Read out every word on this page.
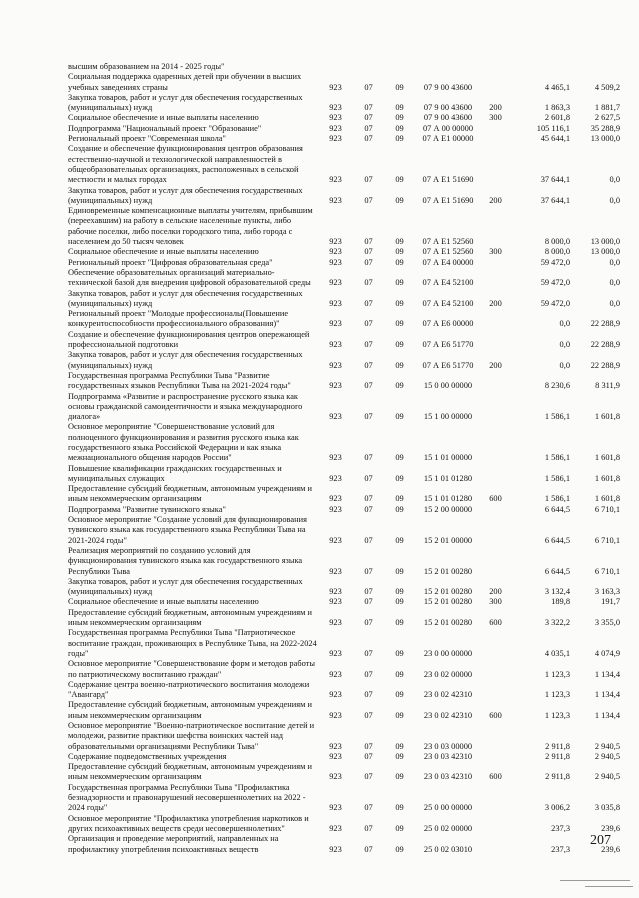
высшим образованием на 2014 - 2025 годы"							
Социальная поддержка одаренных детей при обучении в высших учебных заведениях страны	923	07	09	07 9 00 43600		4 465,1	4 509,2
Закупка товаров, работ и услуг для обеспечения государственных (муниципальных) нужд	923	07	09	07 9 00 43600	200	1 863,3	1 881,7
Социальное обеспечение и иные выплаты населению	923	07	09	07 9 00 43600	300	2 601,8	2 627,5
Подпрограмма "Национальный проект "Образование"	923	07	09	07 А 00 00000		105 116,1	35 288,9
Региональный проект "Современная школа"	923	07	09	07 А Е1 00000		45 644,1	13 000,0
Создание и обеспечение функционирования центров образования естественно-научной и технологической направленностей в общеобразовательных организациях, расположенных в сельской местности и малых городах	923	07	09	07 А Е1 51690		37 644,1	0,0
Закупка товаров, работ и услуг для обеспечения государственных (муниципальных) нужд	923	07	09	07 А Е1 51690	200	37 644,1	0,0
Единовременные компенсационные выплаты учителям, прибывшим (переехавшим) на работу в сельские населенные пункты, либо рабочие поселки, либо поселки городского типа, либо города с населением до 50 тысяч человек	923	07	09	07 А Е1 52560		8 000,0	13 000,0
Социальное обеспечение и иные выплаты населению	923	07	09	07 А Е1 52560	300	8 000,0	13 000,0
Региональный проект "Цифровая образовательная среда"	923	07	09	07 А Е4 00000		59 472,0	0,0
Обеспечение образовательных организаций материально-технической базой для внедрения цифровой образовательной среды	923	07	09	07 А Е4 52100		59 472,0	0,0
Закупка товаров, работ и услуг для обеспечения государственных (муниципальных) нужд	923	07	09	07 А Е4 52100	200	59 472,0	0,0
Региональный проект "Молодые профессионалы(Повышение конкурентоспособности профессионального образования)"	923	07	09	07 А Е6 00000		0,0	22 288,9
Создание и обеспечение функционирования центров опережающей профессиональной подготовки	923	07	09	07 А Е6 51770		0,0	22 288,9
Закупка товаров, работ и услуг для обеспечения государственных (муниципальных) нужд	923	07	09	07 А Е6 51770	200	0,0	22 288,9
Государственная программа Республики Тыва "Развитие государственных языков Республики Тыва на 2021-2024 годы"	923	07	09	15 0 00 00000		8 230,6	8 311,9
Подпрограмма «Развитие и распространение русского языка как основы гражданской самоидентичности и языка международного диалога»	923	07	09	15 1 00 00000		1 586,1	1 601,8
Основное мероприятие "Совершенствование условий для полноценного функционирования и развития русского языка как государственного языка Российской Федерации и как языка межнационального общения народов России"	923	07	09	15 1 01 00000		1 586,1	1 601,8
Повышение квалификации гражданских государственных и муниципальных служащих	923	07	09	15 1 01 01280		1 586,1	1 601,8
Предоставление субсидий бюджетным, автономным учреждениям и иным некоммерческим организациям	923	07	09	15 1 01 01280	600	1 586,1	1 601,8
Подпрограмма "Развитие тувинского языка"	923	07	09	15 2 00 00000		6 644,5	6 710,1
Основное мероприятие "Создание условий для функционирования тувинского языка как государственного языка Республики Тыва на 2021-2024 годы"	923	07	09	15 2 01 00000		6 644,5	6 710,1
Реализация мероприятий по созданию условий для функционирования тувинского языка как государственного языка Республики Тыва	923	07	09	15 2 01 00280		6 644,5	6 710,1
Закупка товаров, работ и услуг для обеспечения государственных (муниципальных) нужд	923	07	09	15 2 01 00280	200	3 132,4	3 163,3
Социальное обеспечение и иные выплаты населению	923	07	09	15 2 01 00280	300	189,8	191,7
Предоставление субсидий бюджетным, автономным учреждениям и иным некоммерческим организациям	923	07	09	15 2 01 00280	600	3 322,2	3 355,0
Государственная программа Республики Тыва "Патриотическое воспитание граждан, проживающих в Республике Тыва, на 2022-2024 годы"	923	07	09	23 0 00 00000		4 035,1	4 074,9
Основное мероприятие "Совершенствование форм и методов работы по патриотическому воспитанию граждан"	923	07	09	23 0 02 00000		1 123,3	1 134,4
Содержание центра военно-патриотического воспитания молодежи "Авангард"	923	07	09	23 0 02 42310		1 123,3	1 134,4
Предоставление субсидий бюджетным, автономным учреждениям и иным некоммерческим организациям	923	07	09	23 0 02 42310	600	1 123,3	1 134,4
Основное мероприятие "Военно-патриотическое воспитание детей и молодежи, развитие практики шефства воинских частей над образовательными организациями Республики Тыва"	923	07	09	23 0 03 00000		2 911,8	2 940,5
Содержание подведомственных учреждения	923	07	09	23 0 03 42310		2 911,8	2 940,5
Предоставление субсидий бюджетным, автономным учреждениям и иным некоммерческим организациям	923	07	09	23 0 03 42310	600	2 911,8	2 940,5
Государственная программа Республики Тыва "Профилактика безнадзорности и правонарушений несовершеннолетних на 2022 - 2024 годы"	923	07	09	25 0 00 00000		3 006,2	3 035,8
Основное мероприятие "Профилактика употребления наркотиков и других психоактивных веществ среди несовершеннолетних"	923	07	09	25 0 02 00000		237,3	239,6
Организация и проведение мероприятий, направленных на профилактику употребления психоактивных веществ	923	07	09	25 0 02 03010		237,3	239,6
207
